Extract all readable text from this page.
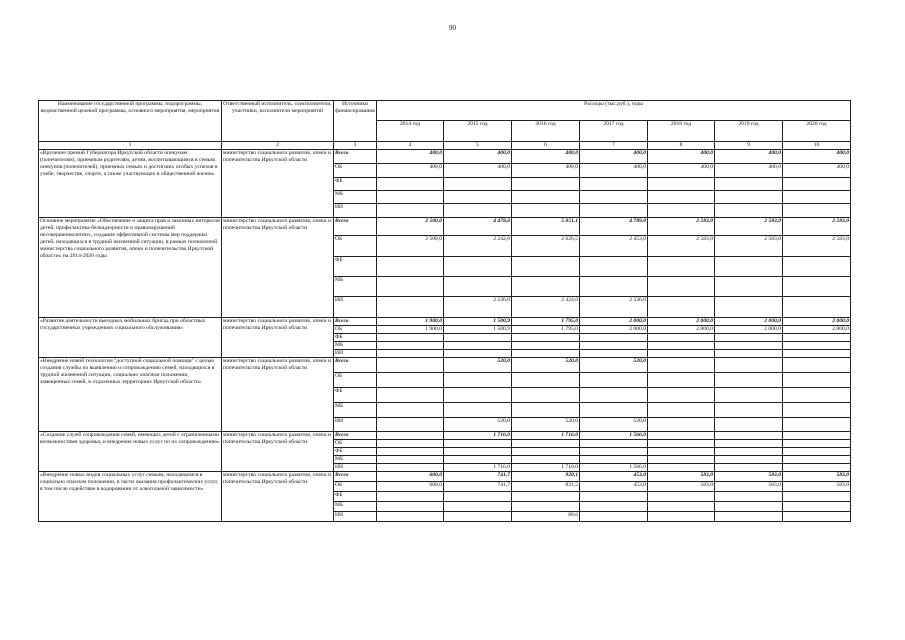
90
Наименование государственной программы, подпрограммы, ведомственной целевой программы, основного мероприятия, мероприятия	Ответственный исполнитель, соисполнители, участники, исполнители мероприятий	Источники финансирования	Расходы (тыс.руб.), годы						
			2014 год	2015 год	2016 год	2017 год	2018 год	2019 год	2020 год
1	2	3	4	5	6	7	8	9	10
«Вручение премий Губернатора Иркутской области опекунам (попечителям), приемным родителям, детям, воспитывающимся в семьях опекунов (попечителей), приемных семьях и достигших особых успехов в учебе, творчестве, спорте, а также участвующих в общественной жизни»	министерство социального развития, опеки и попечительства Иркутской области	Всего	400,0	400,0	400,0	400,0	400,0	400,0	400,0
		ОБ	400,0	400,0	400,0	400,0	400,0	400,0	400,0
		ФБ							
		МБ							
		ИИ							
Основное мероприятие «Обеспечение и защита прав и законных интересов детей, профилактика безнадзорности и правонарушений несовершеннолетних, создания эффективной системы мер поддержки детей, находящихся в трудной жизненной ситуации, в рамках полномочий министерства социального развития, опеки и попечительства Иркутской области» на 2014-2020 годы	министерство социального развития, опеки и попечительства Иркутской области	Всего	2 500,0	4 478,6	5 051,1	4 789,0	2 583,0	2 583,0	2 583,0
		ОБ	2 500,0	2 242,6	2 626,5	2 453,0	2 583,0	2 583,0	2 583,0
		ФБ							
		МБ							
		ИИ		2 236,0	2 424,6	2 336,0			
«Развитие деятельности выездных мобильных бригад при областных государственных учреждениях социального обслуживания»	министерство социального развития, опеки и попечительства Иркутской области	Всего	1 900,0	1 500,9	1 795,0	2 000,0	2 000,0	2 000,0	2 000,0
		ОБ	1 900,0	1 500,9	1 795,0	2 000,0	2 000,0	2 000,0	2 000,0
		ФБ							
		МБ							
		ИИ							
«Внедрение новой технологии "доступной социальной помощи" с целью создания службы по выявлению и сопровождению семей, находящихся в трудной жизненной ситуации, социально опасном положении, замещенных семей, в отдаленных территориях Иркутской области»	министерство социального развития, опеки и попечительства Иркутской области	Всего		520,0	520,0	520,0			
		ОБ							
		ФБ							
		МБ							
		ИИ		520,0	520,0	520,0			
«Создание служб сопровождения семей, имеющих детей с ограниченными возможностями здоровья, и внедрение новых услуг по их сопровождению»	министерство социального развития, опеки и попечительства Иркутской области	Всего		1 716,0	1 716,0	1 566,0			
		ОБ							
		ФБ							
		МБ							
		ИИ		1 716,0	1 716,0	1 566,0			
«Внедрение новых видов социальных услуг семьям, находящимся в социально опасном положении, в части оказания профилактических услуг, в том числе содействие в кодировании от алкогольной зависимости»	министерство социального развития, опеки и попечительства Иркутской области	Всего	600,0	741,7	920,1	453,0	583,0	583,0	583,0
		ОБ	600,0	741,7	831,5	453,0	583,0	583,0	583,0
		ФБ							
		МБ							
		ИИ			88,6				
